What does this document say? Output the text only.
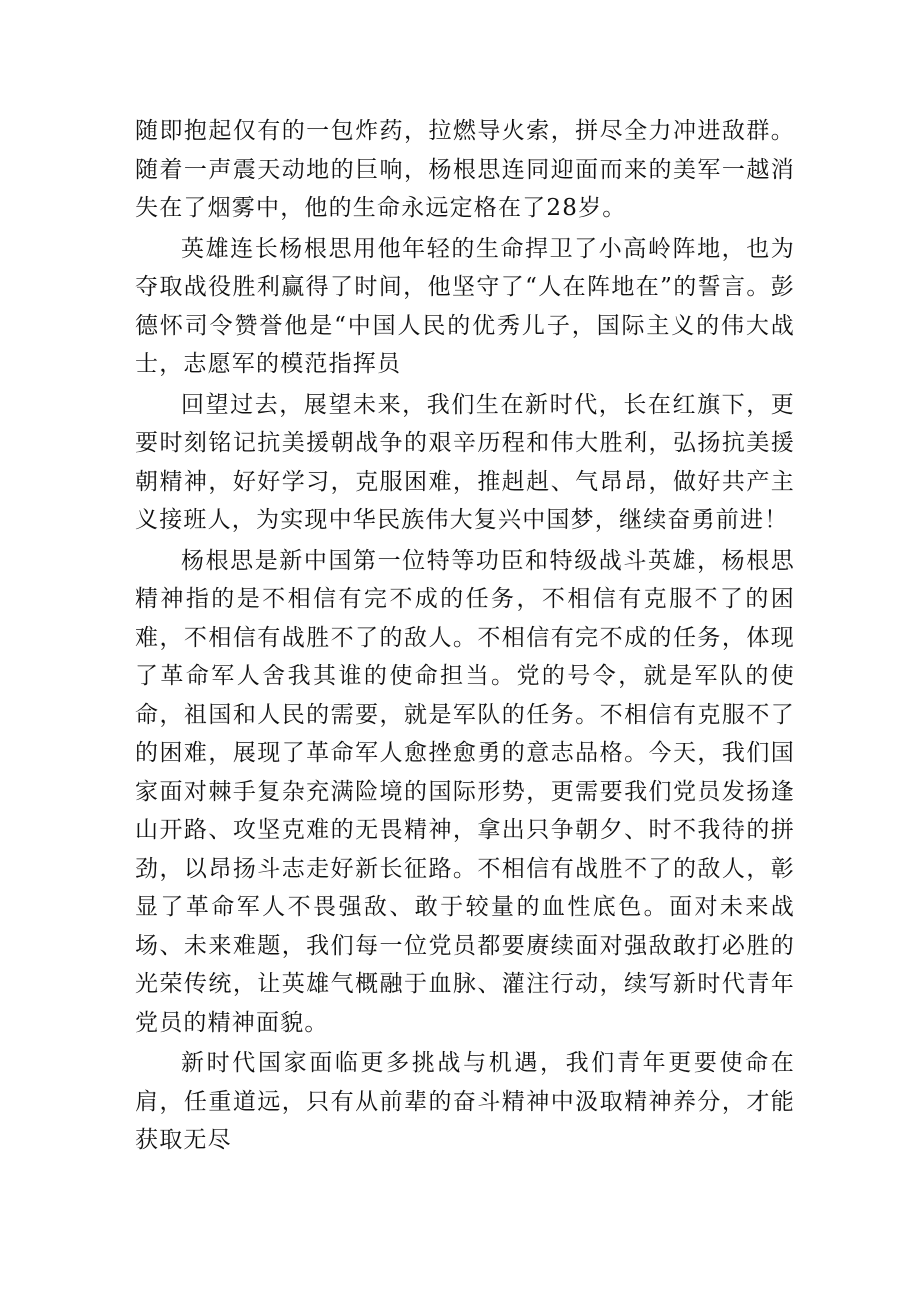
随即抱起仅有的一包炸药，拉燃导火索，拼尽全力冲进敌群。随着一声震天动地的巨响，杨根思连同迎面而来的美军一越消失在了烟雾中，他的生命永远定格在了28岁。

英雄连长杨根思用他年轻的生命捍卫了小高岭阵地，也为夺取战役胜利赢得了时间，他坚守了“人在阵地在”的誓言。彭德怀司令赞誉他是“中国人民的优秀儿子，国际主义的伟大战士，志愿军的模范指挥员

回望过去，展望未来，我们生在新时代，长在红旗下，更要时刻铭记抗美援朝战争的艰辛历程和伟大胜利，弘扬抗美援朝精神，好好学习，克服困难，推赳赳、气昂昂，做好共产主义接班人，为实现中华民族伟大复兴中国梦，继续奋勇前进！

杨根思是新中国第一位特等功臣和特级战斗英雄，杨根思精神指的是不相信有完不成的任务，不相信有克服不了的困难，不相信有战胜不了的敌人。不相信有完不成的任务，体现了革命军人舍我其谁的使命担当。党的号令，就是军队的使命，祖国和人民的需要，就是军队的任务。不相信有克服不了的困难，展现了革命军人愈挫愈勇的意志品格。今天，我们国家面对棘手复杂充满险境的国际形势，更需要我们党员发扬逢山开路、攻坚克难的无畏精神，拿出只争朝夕、时不我待的拼劲，以昂扬斗志走好新长征路。不相信有战胜不了的敌人，彰显了革命军人不畏强敌、敢于较量的血性底色。面对未来战场、未来难题，我们每一位党员都要赓续面对强敌敢打必胜的光荣传统，让英雄气概融于血脉、灌注行动，续写新时代青年党员的精神面貌。

新时代国家面临更多挑战与机遇，我们青年更要使命在肩，任重道远，只有从前辈的奋斗精神中汲取精神养分，才能获取无尽
